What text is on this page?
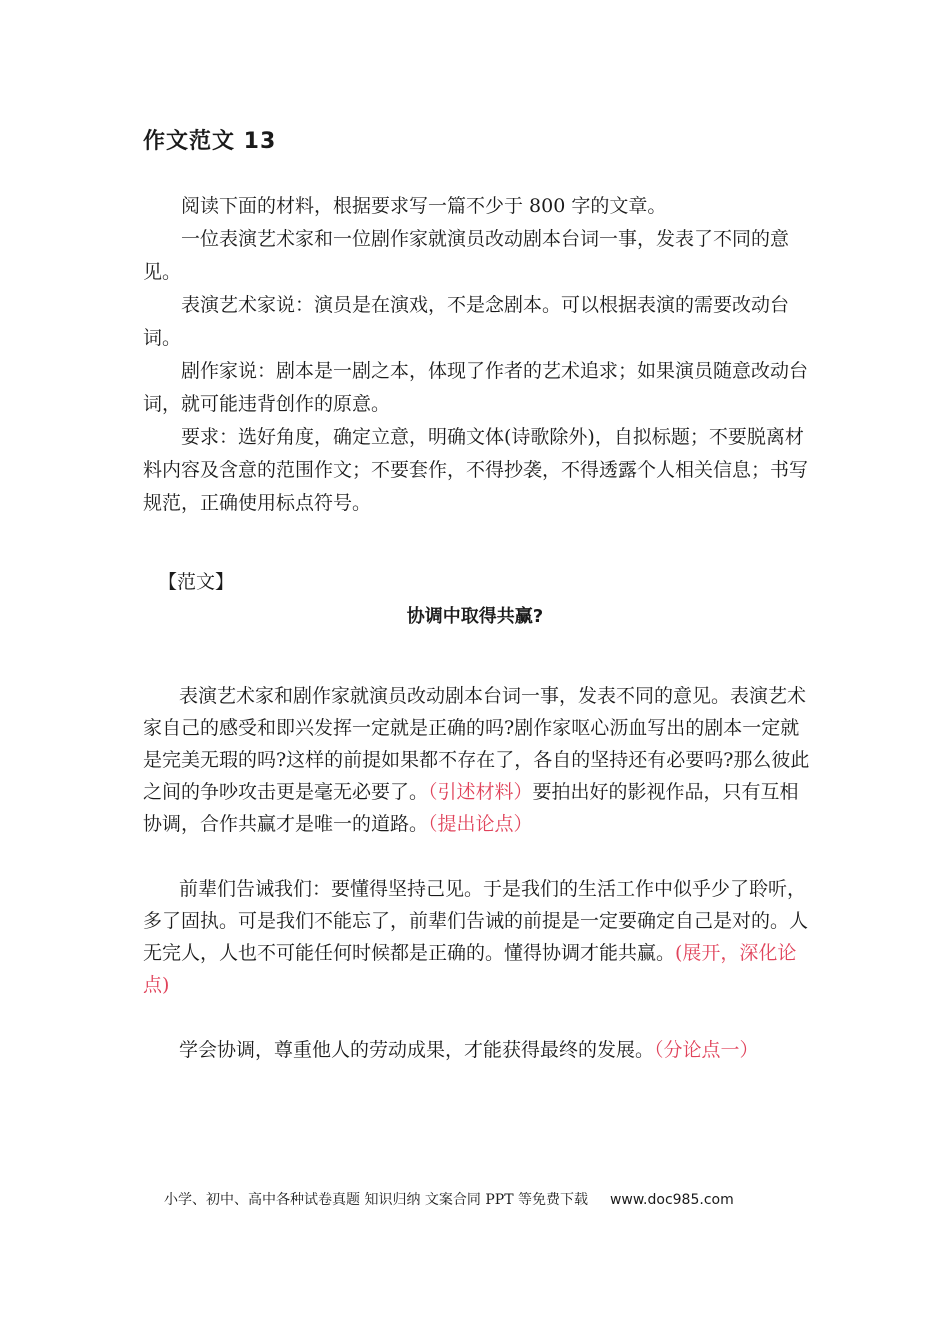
作文范文 13

阅读下面的材料，根据要求写一篇不少于 800 字的文章。

一位表演艺术家和一位剧作家就演员改动剧本台词一事，发表了不同的意见。

表演艺术家说：演员是在演戏，不是念剧本。可以根据表演的需要改动台词。

剧作家说：剧本是一剧之本，体现了作者的艺术追求；如果演员随意改动台词，就可能违背创作的原意。

要求：选好角度，确定立意，明确文体(诗歌除外)，自拟标题；不要脱离材料内容及含意的范围作文；不要套作，不得抄袭，不得透露个人相关信息；书写规范，正确使用标点符号。

【范文】
协调中取得共赢?

表演艺术家和剧作家就演员改动剧本台词一事，发表不同的意见。表演艺术家自己的感受和即兴发挥一定就是正确的吗?剧作家呕心沥血写出的剧本一定就是完美无瑕的吗?这样的前提如果都不存在了，各自的坚持还有必要吗?那么彼此之间的争吵攻击更是毫无必要了。（引述材料）要拍出好的影视作品，只有互相协调，合作共赢才是唯一的道路。（提出论点）

前辈们告诫我们：要懂得坚持己见。于是我们的生活工作中似乎少了聆听，多了固执。可是我们不能忘了，前辈们告诫的前提是一定要确定自己是对的。人无完人，人也不可能任何时候都是正确的。懂得协调才能共赢。(展开，深化论点)

学会协调，尊重他人的劳动成果，才能获得最终的发展。（分论点一）

小学、初中、高中各种试卷真题 知识归纳 文案合同 PPT 等免费下载 www.doc985.com
